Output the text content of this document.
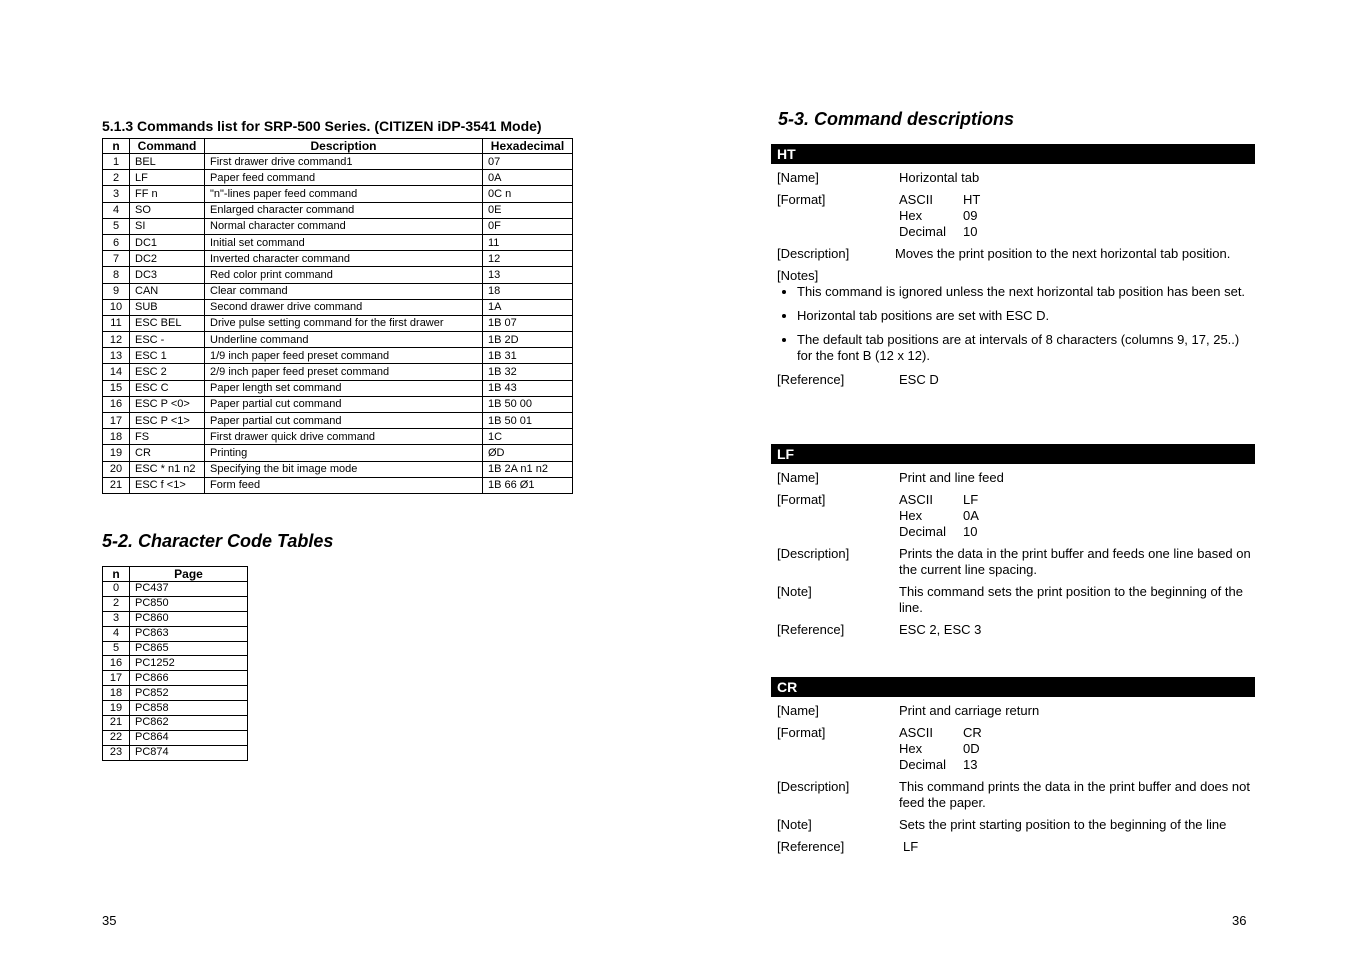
5.1.3 Commands list for SRP-500 Series. (CITIZEN iDP-3541 Mode)
n	Command	Description	Hexadecimal
1	BEL	First drawer drive command1	07
2	LF	Paper feed command	0A
3	FF n	"n"-lines paper feed command	0C n
4	SO	Enlarged character command	0E
5	SI	Normal character command	0F
6	DC1	Initial set command	11
7	DC2	Inverted character command	12
8	DC3	Red color print command	13
9	CAN	Clear command	18
10	SUB	Second drawer drive command	1A
11	ESC BEL	Drive pulse setting command for the first drawer	1B 07
12	ESC -	Underline command	1B 2D
13	ESC 1	1/9 inch paper feed preset command	1B 31
14	ESC 2	2/9 inch paper feed preset command	1B 32
15	ESC C	Paper length set command	1B 43
16	ESC P <0>	Paper partial cut command	1B 50 00
17	ESC P <1>	Paper partial cut command	1B 50 01
18	FS	First drawer quick drive command	1C
19	CR	Printing	ØD
20	ESC * n1 n2	Specifying the bit image mode	1B 2A n1 n2
21	ESC f <1>	Form feed	1B 66 Ø1
5-2. Character Code Tables
n	Page
0	PC437
2	PC850
3	PC860
4	PC863
5	PC865
16	PC1252
17	PC866
18	PC852
19	PC858
21	PC862
22	PC864
23	PC874
35
5-3. Command descriptions
HT
[Name]	Horizontal tab
[Format]	ASCII	HT
Hex	09
Decimal	10
[Description]	Moves the print position to the next horizontal tab position.
[Notes]
• This command is ignored unless the next horizontal tab position has been set.
• Horizontal tab positions are set with ESC D.
• The default tab positions are at intervals of 8 characters (columns 9, 17, 25..) for the font B (12 x 12).
[Reference]	ESC D
LF
[Name]	Print and line feed
[Format]	ASCII	LF
Hex	0A
Decimal	10
[Description]	Prints the data in the print buffer and feeds one line based on the current line spacing.
[Note]	This command sets the print position to the beginning of the line.
[Reference]	ESC 2, ESC 3
CR
[Name]	Print and carriage return
[Format]	ASCII	CR
Hex	0D
Decimal	13
[Description]	This command prints the data in the print buffer and does not feed the paper.
[Note]	Sets the print starting position to the beginning of the line
[Reference]	LF
36
